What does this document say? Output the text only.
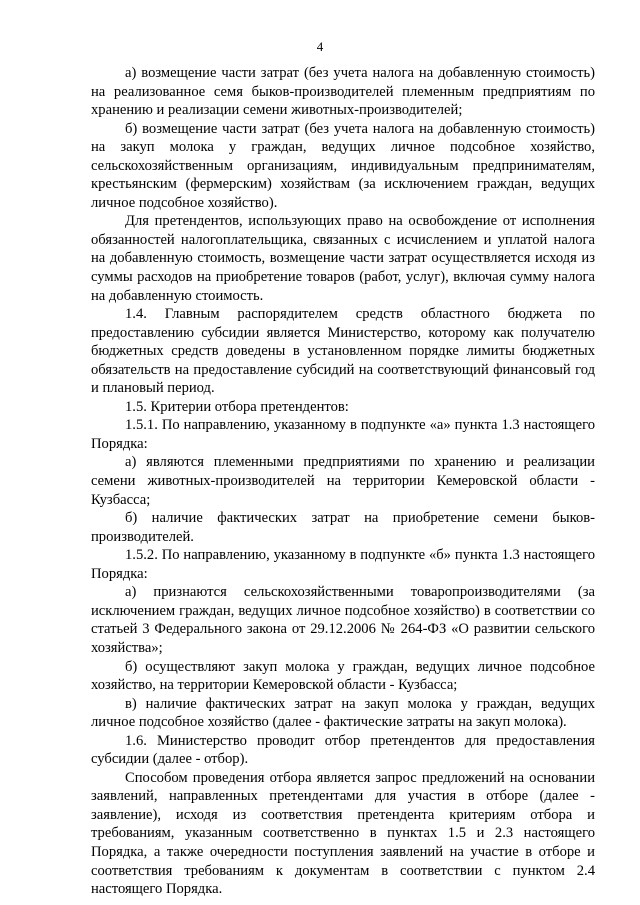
4

а) возмещение части затрат (без учета налога на добавленную стоимость) на реализованное семя быков-производителей племенным предприятиям по хранению и реализации семени животных-производителей;

б) возмещение части затрат (без учета налога на добавленную стоимость) на закуп молока у граждан, ведущих личное подсобное хозяйство, сельскохозяйственным организациям, индивидуальным предпринимателям, крестьянским (фермерским) хозяйствам (за исключением граждан, ведущих личное подсобное хозяйство).

Для претендентов, использующих право на освобождение от исполнения обязанностей налогоплательщика, связанных с исчислением и уплатой налога на добавленную стоимость, возмещение части затрат осуществляется исходя из суммы расходов на приобретение товаров (работ, услуг), включая сумму налога на добавленную стоимость.

1.4. Главным распорядителем средств областного бюджета по предоставлению субсидии является Министерство, которому как получателю бюджетных средств доведены в установленном порядке лимиты бюджетных обязательств на предоставление субсидий на соответствующий финансовый год и плановый период.

1.5. Критерии отбора претендентов:

1.5.1. По направлению, указанному в подпункте «а» пункта 1.3 настоящего Порядка:

а) являются племенными предприятиями по хранению и реализации семени животных-производителей на территории Кемеровской области - Кузбасса;

б) наличие фактических затрат на приобретение семени быков-производителей.

1.5.2. По направлению, указанному в подпункте «б» пункта 1.3 настоящего Порядка:

а) признаются сельскохозяйственными товаропроизводителями (за исключением граждан, ведущих личное подсобное хозяйство) в соответствии со статьей 3 Федерального закона от 29.12.2006 № 264-ФЗ «О развитии сельского хозяйства»;

б) осуществляют закуп молока у граждан, ведущих личное подсобное хозяйство, на территории Кемеровской области - Кузбасса;

в) наличие фактических затрат на закуп молока у граждан, ведущих личное подсобное хозяйство (далее - фактические затраты на закуп молока).

1.6. Министерство проводит отбор претендентов для предоставления субсидии (далее - отбор).

Способом проведения отбора является запрос предложений на основании заявлений, направленных претендентами для участия в отборе (далее - заявление), исходя из соответствия претендента критериям отбора и требованиям, указанным соответственно в пунктах 1.5 и 2.3 настоящего Порядка, а также очередности поступления заявлений на участие в отборе и соответствия требованиям к документам в соответствии с пунктом 2.4 настоящего Порядка.
